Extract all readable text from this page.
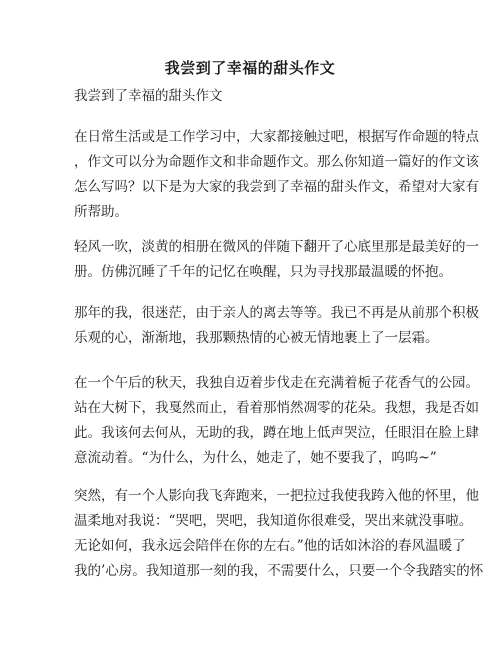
我尝到了幸福的甜头作文
我尝到了幸福的甜头作文
在日常生活或是工作学习中，大家都接触过吧，根据写作命题的特点
，作文可以分为命题作文和非命题作文。那么你知道一篇好的作文该
怎么写吗？以下是为大家的我尝到了幸福的甜头作文，希望对大家有
所帮助。
轻风一吹，淡黄的相册在微风的伴随下翻开了心底里那是最美好的一
册。仿佛沉睡了千年的记忆在唤醒，只为寻找那最温暖的怀抱。
那年的我，很迷茫，由于亲人的离去等等。我已不再是从前那个积极
乐观的心，渐渐地，我那颗热情的心被无情地裹上了一层霜。
在一个午后的秋天，我独自迈着步伐走在充满着栀子花香气的公园。
站在大树下，我戛然而止，看着那悄然凋零的花朵。我想，我是否如
此。我该何去何从，无助的我，蹲在地上低声哭泣，任眼泪在脸上肆
意流动着。“为什么，为什么，她走了，她不要我了，呜呜~”
突然，有一个人影向我飞奔跑来，一把拉过我使我跨入他的怀里，他
温柔地对我说：“哭吧，哭吧，我知道你很难受，哭出来就没事啦。
无论如何，我永远会陪伴在你的左右。”他的话如沐浴的春风温暖了
我的’心房。我知道那一刻的我，不需要什么，只要一个令我踏实的怀
